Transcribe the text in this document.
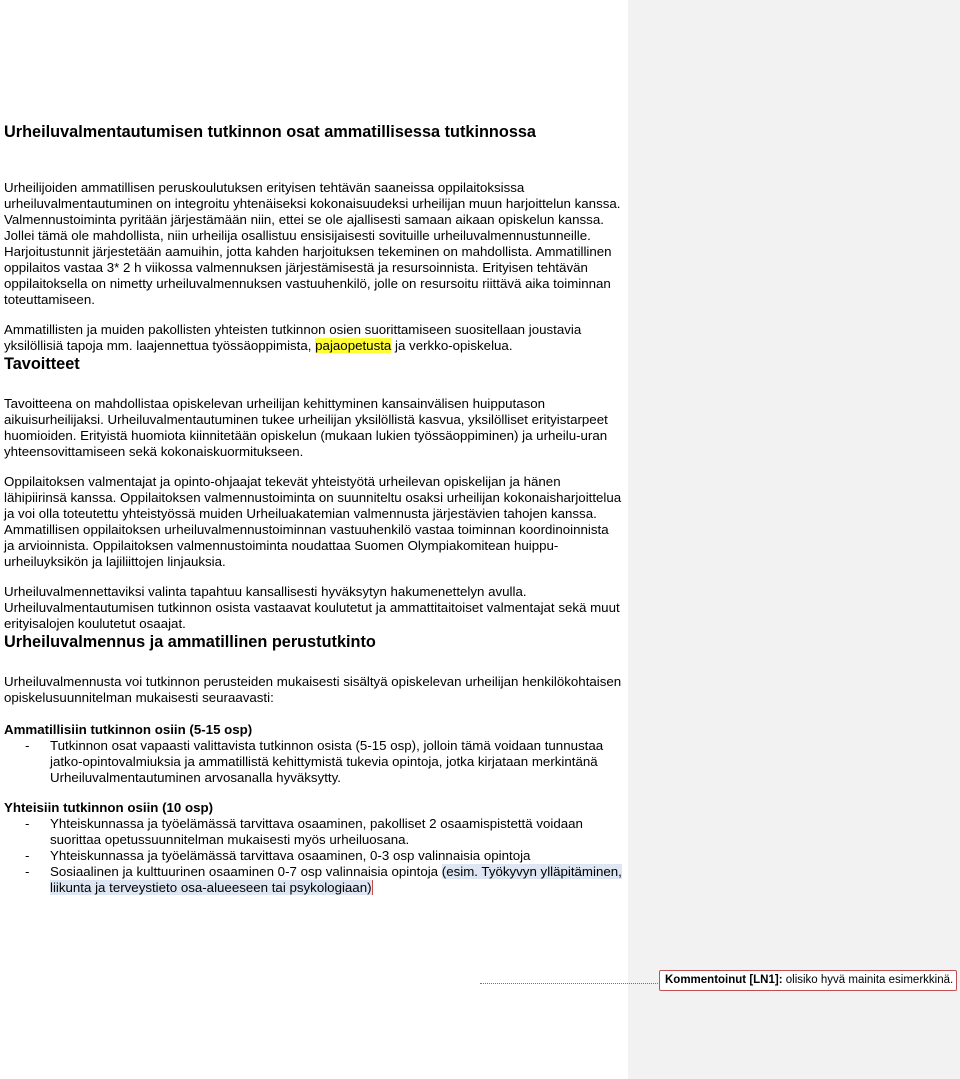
Urheiluvalmentautumisen tutkinnon osat ammatillisessa tutkinnossa

Urheilijoiden ammatillisen peruskoulutuksen erityisen tehtävän saaneissa oppilaitoksissa urheiluvalmentautuminen on integroitu yhtenäiseksi kokonaisuudeksi urheilijan muun harjoittelun kanssa. Valmennustoiminta pyritään järjestämään niin, ettei se ole ajallisesti samaan aikaan opiskelun kanssa. Jollei tämä ole mahdollista, niin urheilija osallistuu ensisijaisesti sovituille urheiluvalmennustunneille. Harjoitustunnit järjestetään aamuihin, jotta kahden harjoituksen tekeminen on mahdollista. Ammatillinen oppilaitos vastaa 3* 2 h viikossa valmennuksen järjestämisestä ja resursoinnista. Erityisen tehtävän oppilaitoksella on nimetty urheiluvalmennuksen vastuuhenkilö, jolle on resursoitu riittävä aika toiminnan toteuttamiseen.

Ammatillisten ja muiden pakollisten yhteisten tutkinnon osien suorittamiseen suositellaan joustavia yksilöllisiä tapoja mm. laajennettua työssäoppimista, pajaopetusta ja verkko-opiskelua.

Tavoitteet

Tavoitteena on mahdollistaa opiskelevan urheilijan kehittyminen kansainvälisen huipputason aikuisurheilijaksi. Urheiluvalmentautuminen tukee urheilijan yksilöllistä kasvua, yksilölliset erityistarpeet huomioiden. Erityistä huomiota kiinnitetään opiskelun (mukaan lukien työssäoppiminen) ja urheilu-uran yhteensovittamiseen sekä kokonaiskuormitukseen.

Oppilaitoksen valmentajat ja opinto-ohjaajat tekevät yhteistyötä urheilevan opiskelijan ja hänen lähipiirinsä kanssa. Oppilaitoksen valmennustoiminta on suunniteltu osaksi urheilijan kokonaisharjoittelua ja voi olla toteutettu yhteistyössä muiden Urheiluakatemian valmennusta järjestävien tahojen kanssa. Ammatillisen oppilaitoksen urheiluvalmennustoiminnan vastuuhenkilö vastaa toiminnan koordinoinnista ja arvioinnista. Oppilaitoksen valmennustoiminta noudattaa Suomen Olympiakomitean huippu-urheiluyksikön ja lajiliittojen linjauksia.

Urheiluvalmennettaviksi valinta tapahtuu kansallisesti hyväksytyn hakumenettelyn avulla. Urheiluvalmentautumisen tutkinnon osista vastaavat koulutetut ja ammattitaitoiset valmentajat sekä muut erityisalojen koulutetut osaajat.

Urheiluvalmennus ja ammatillinen perustutkinto

Urheiluvalmennusta voi tutkinnon perusteiden mukaisesti sisältyä opiskelevan urheilijan henkilökohtaisen opiskelusuunnitelman mukaisesti seuraavasti:

Ammatillisiin tutkinnon osiin (5-15 osp)

- Tutkinnon osat vapaasti valittavista tutkinnon osista (5-15 osp), jolloin tämä voidaan tunnustaa jatko-opintovalmiuksia ja ammatillistä kehittymistä tukevia opintoja, jotka kirjataan merkintänä Urheiluvalmentautuminen arvosanalla hyväksytty.

Yhteisiin tutkinnon osiin (10 osp)

- Yhteiskunnassa ja työelämässä tarvittava osaaminen, pakolliset 2 osaamispistettä voidaan suorittaa opetussuunnitelman mukaisesti myös urheiluosana.
- Yhteiskunnassa ja työelämässä tarvittava osaaminen, 0-3 osp valinnaisia opintoja
- Sosiaalinen ja kulttuurinen osaaminen 0-7 osp valinnaisia opintoja (esim. Työkyvyn ylläpitäminen, liikunta ja terveystieto osa-alueeseen tai psykologiaan)
Kommentoinut [LN1]: olisiko hyvä mainita esimerkkinä.
